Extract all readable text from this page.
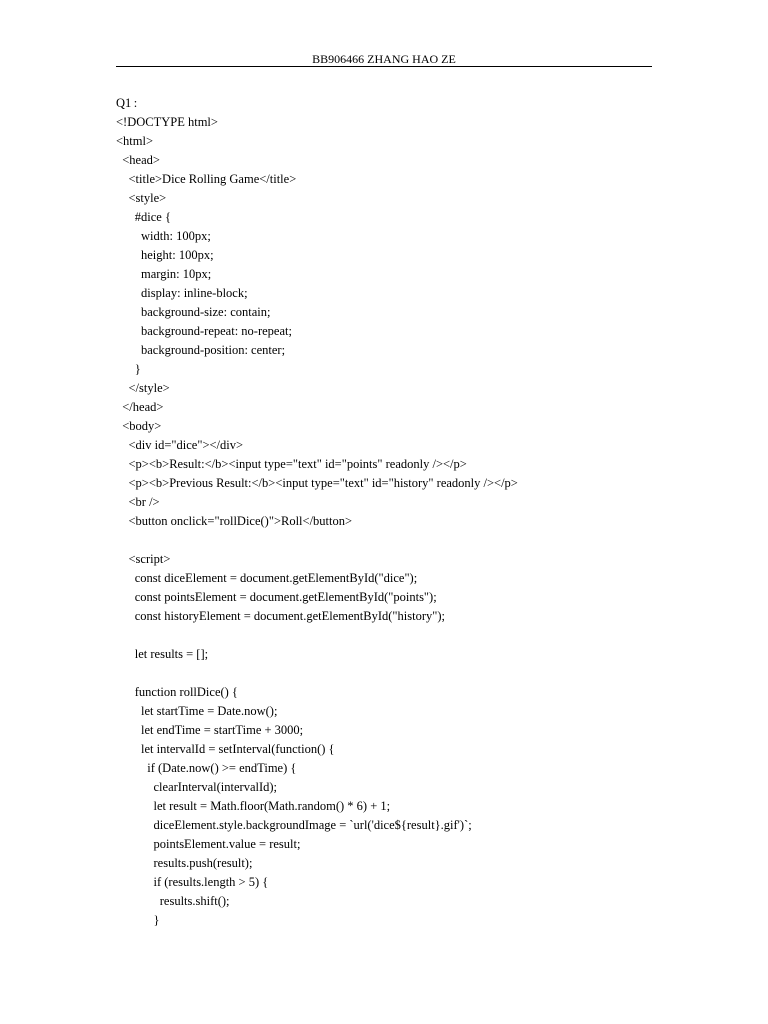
BB906466 ZHANG HAO ZE
Q1 :
<!DOCTYPE html>
<html>
<head>
<title>Dice Rolling Game</title>
<style>
#dice {
width: 100px;
height: 100px;
margin: 10px;
display: inline-block;
background-size: contain;
background-repeat: no-repeat;
background-position: center;
}
</style>
</head>
<body>
<div id="dice"></div>
<p><b>Result:</b><input type="text" id="points" readonly /></p>
<p><b>Previous Result:</b><input type="text" id="history" readonly /></p>
<br />
<button onclick="rollDice()">Roll</button>
<script>
const diceElement = document.getElementById("dice");
const pointsElement = document.getElementById("points");
const historyElement = document.getElementById("history");
let results = [];
function rollDice() {
let startTime = Date.now();
let endTime = startTime + 3000;
let intervalId = setInterval(function() {
if (Date.now() >= endTime) {
clearInterval(intervalId);
let result = Math.floor(Math.random() * 6) + 1;
diceElement.style.backgroundImage = `url('dice${result}.gif')`;
pointsElement.value = result;
results.push(result);
if (results.length > 5) {
results.shift();
}
